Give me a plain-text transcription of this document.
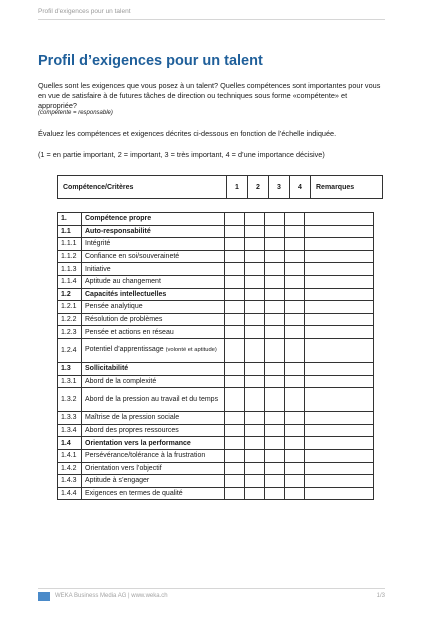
Profil d’exigences pour un talent
Profil d’exigences pour un talent

Quelles sont les exigences que vous posez à un talent? Quelles compétences sont importantes pour vous en vue de satisfaire à de futures tâches de direction ou techniques sous forme «compétente» et appropriée?

(compétente = responsable)

Évaluez les compétences et exigences décrites ci-dessous en fonction de l’échelle indiquée.

(1 = en partie important, 2 = important, 3 = très important, 4 = d’une importance décisive)

Compétence/Critères	1	2	3	4	Remarques
1.	Compétence propre					
1.1	Auto-responsabilité					
1.1.1	Intégrité					
1.1.2	Confiance en soi/souveraineté					
1.1.3	Initiative					
1.1.4	Aptitude au changement					
1.2	Capacités intellectuelles					
1.2.1	Pensée analytique					
1.2.2	Résolution de problèmes					
1.2.3	Pensée et actions en réseau					
1.2.4	Potentiel d’apprentissage (volonté et aptitude)					
1.3	Sollicitabilité					
1.3.1	Abord de la complexité					
1.3.2	Abord de la pression au travail et du temps					
1.3.3	Maîtrise de la pression sociale					
1.3.4	Abord des propres ressources					
1.4	Orientation vers la performance					
1.4.1	Persévérance/tolérance à la frustration					
1.4.2	Orientation vers l’objectif					
1.4.3	Aptitude à s’engager					
1.4.4	Exigences en termes de qualité					
WEKA Business Media AG | www.weka.ch	1/3
